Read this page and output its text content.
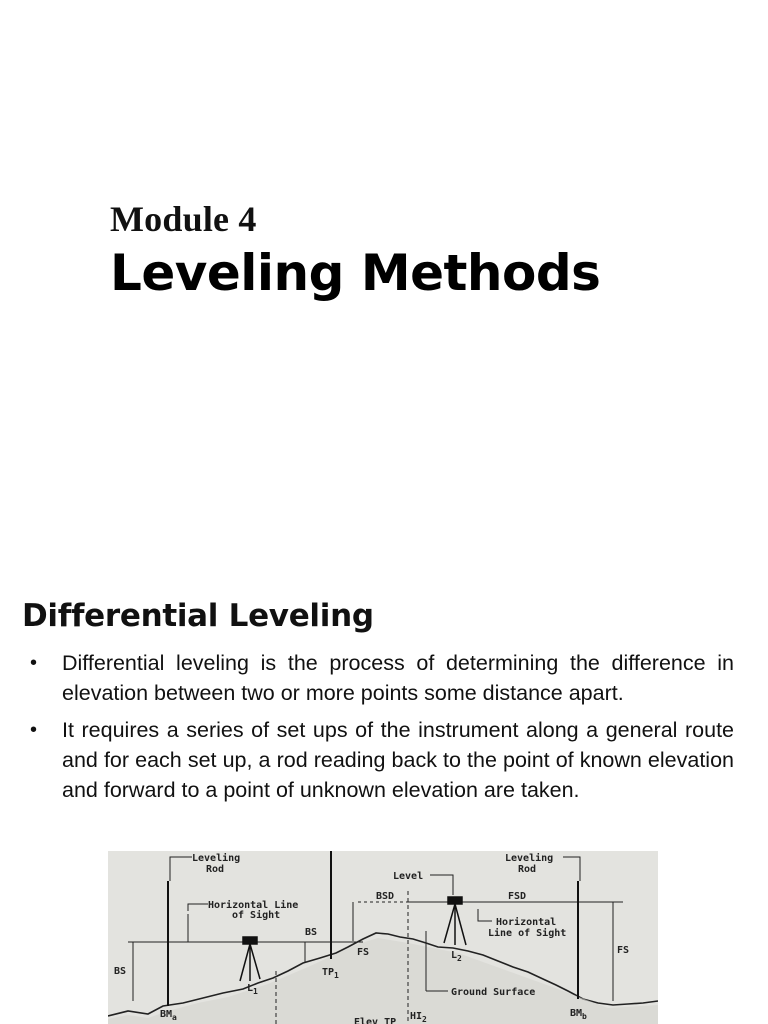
Module 4
Leveling Methods
Differential Leveling
• Differential leveling is the process of determining the difference in elevation between two or more points some distance apart.
• It requires a series of set ups of the instrument along a general route and for each set up, a rod reading back to the point of known elevation and forward to a point of unknown elevation are taken.
Leveling
Rod
Leveling
Rod
Level
Horizontal Line
of Sight
Horizontal
Line of Sight
BSD	FSD
BS
BS
FS	FS
$TP_1$
$L_1$
$L_2$
Ground Surface
$BM_a$	$BM_b$
$HI_2$
Elev TP
